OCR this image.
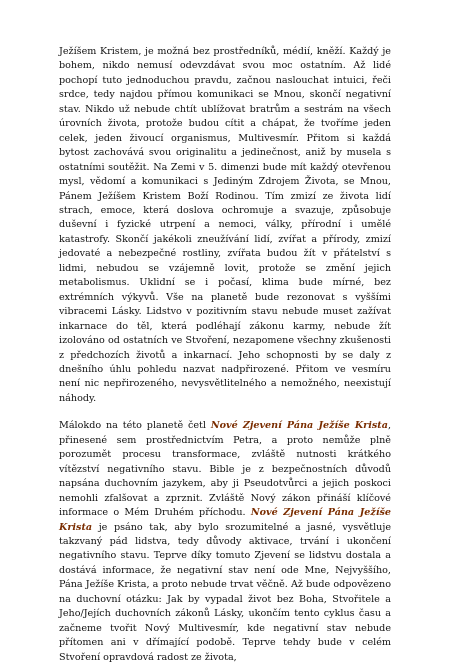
Ježíšem Kristem, je možná bez prostředníků, médií, kněží. Každý je bohem, nikdo nemusí odevzdávat svou moc ostatním. Až lidé pochopí tuto jednoduchou pravdu, začnou naslouchat intuici, řeči srdce, tedy najdou přímou komunikaci se Mnou, skončí negativní stav. Nikdo už nebude chtít ublížovat bratrům a sestrám na všech úrovních života, protože budou cítit a chápat, že tvoříme jeden celek, jeden živoucí organismus, Multivesmír. Přitom si každá bytost zachovává svou originalitu a jedinečnost, aniž by musela s ostatními soutěžit. Na Zemi v 5. dimenzi bude mít každý otevřenou mysl, vědomí a komunikaci s Jediným Zdrojem Života, se Mnou, Pánem Ježíšem Kristem Boží Rodinou. Tím zmizí ze života lidí strach, emoce, která doslova ochromuje a svazuje, způsobuje duševní i fyzické utrpení a nemoci, války, přírodní i umělé katastrofy. Skončí jakékoli zneužívání lidí, zvířat a přírody, zmizí jedovaté a nebezpečné rostliny, zvířata budou žít v přátelství s lidmi, nebudou se vzájemně lovit, protože se změní jejich metabolismus. Uklidní se i počasí, klima bude mírné, bez extrémních výkyvů. Vše na planetě bude rezonovat s vyššími vibracemi Lásky. Lidstvo v pozitivním stavu nebude muset zažívat inkarnace do těl, která podléhají zákonu karmy, nebude žít izolováno od ostatních ve Stvoření, nezapomene všechny zkušenosti z předchozích životů a inkarnací. Jeho schopnosti by se daly z dnešního úhlu pohledu nazvat nadpřirozené. Přitom ve vesmíru není nic nepřirozeného, nevysvětlitelného a nemožného, neexistují náhody.

Málokdo na této planetě četl Nové Zjevení Pána Ježíše Krista, přinesené sem prostřednictvím Petra, a proto nemůže plně porozumět procesu transformace, zvláště nutnosti krátkého vítězství negativního stavu. Bible je z bezpečnostních důvodů napsána duchovním jazykem, aby ji Pseudotvůrci a jejich poskoci nemohli zfalšovat a zprznit. Zvláště Nový zákon přináší klíčové informace o Mém Druhém příchodu. Nové Zjevení Pána Ježíše Krista je psáno tak, aby bylo srozumitelné a jasné, vysvětluje takzvaný pád lidstva, tedy důvody aktivace, trvání i ukončení negativního stavu. Teprve díky tomuto Zjevení se lidstvu dostala a dostává informace, že negativní stav není ode Mne, Nejvyššího, Pána Ježíše Krista, a proto nebude trvat věčně. Až bude odpovězeno na duchovní otázku: Jak by vypadal život bez Boha, Stvořitele a Jeho/Jejích duchovních zákonů Lásky, ukončím tento cyklus času a začneme tvořit Nový Multivesmír, kde negativní stav nebude přítomen ani v dřímající podobě. Teprve tehdy bude v celém Stvoření opravdová radost ze života,
